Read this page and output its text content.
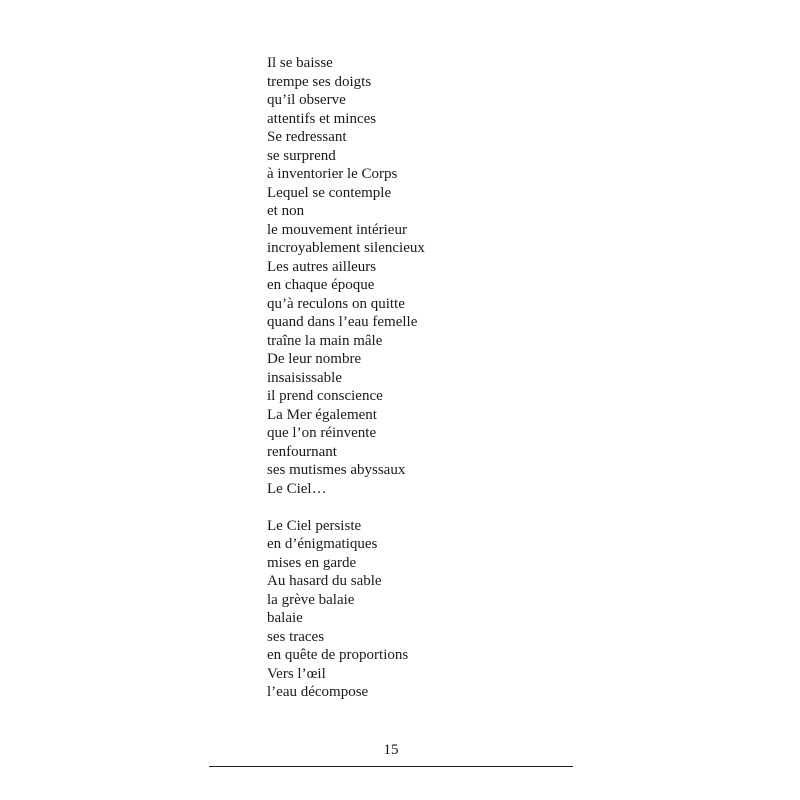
Il se baisse
trempe ses doigts
qu’il observe
attentifs et minces
Se redressant
se surprend
à inventorier le Corps
Lequel se contemple
et non
le mouvement intérieur
incroyablement silencieux
Les autres ailleurs
en chaque époque
qu’à reculons on quitte
quand dans l’eau femelle
traîne la main mâle
De leur nombre
insaisissable
il prend conscience
La Mer également
que l’on réinvente
renfournant
ses mutismes abyssaux
Le Ciel…
Le Ciel persiste
en d’énigmatiques
mises en garde
Au hasard du sable
la grève balaie
balaie
ses traces
en quête de proportions
Vers l’œil
l’eau décompose
15
